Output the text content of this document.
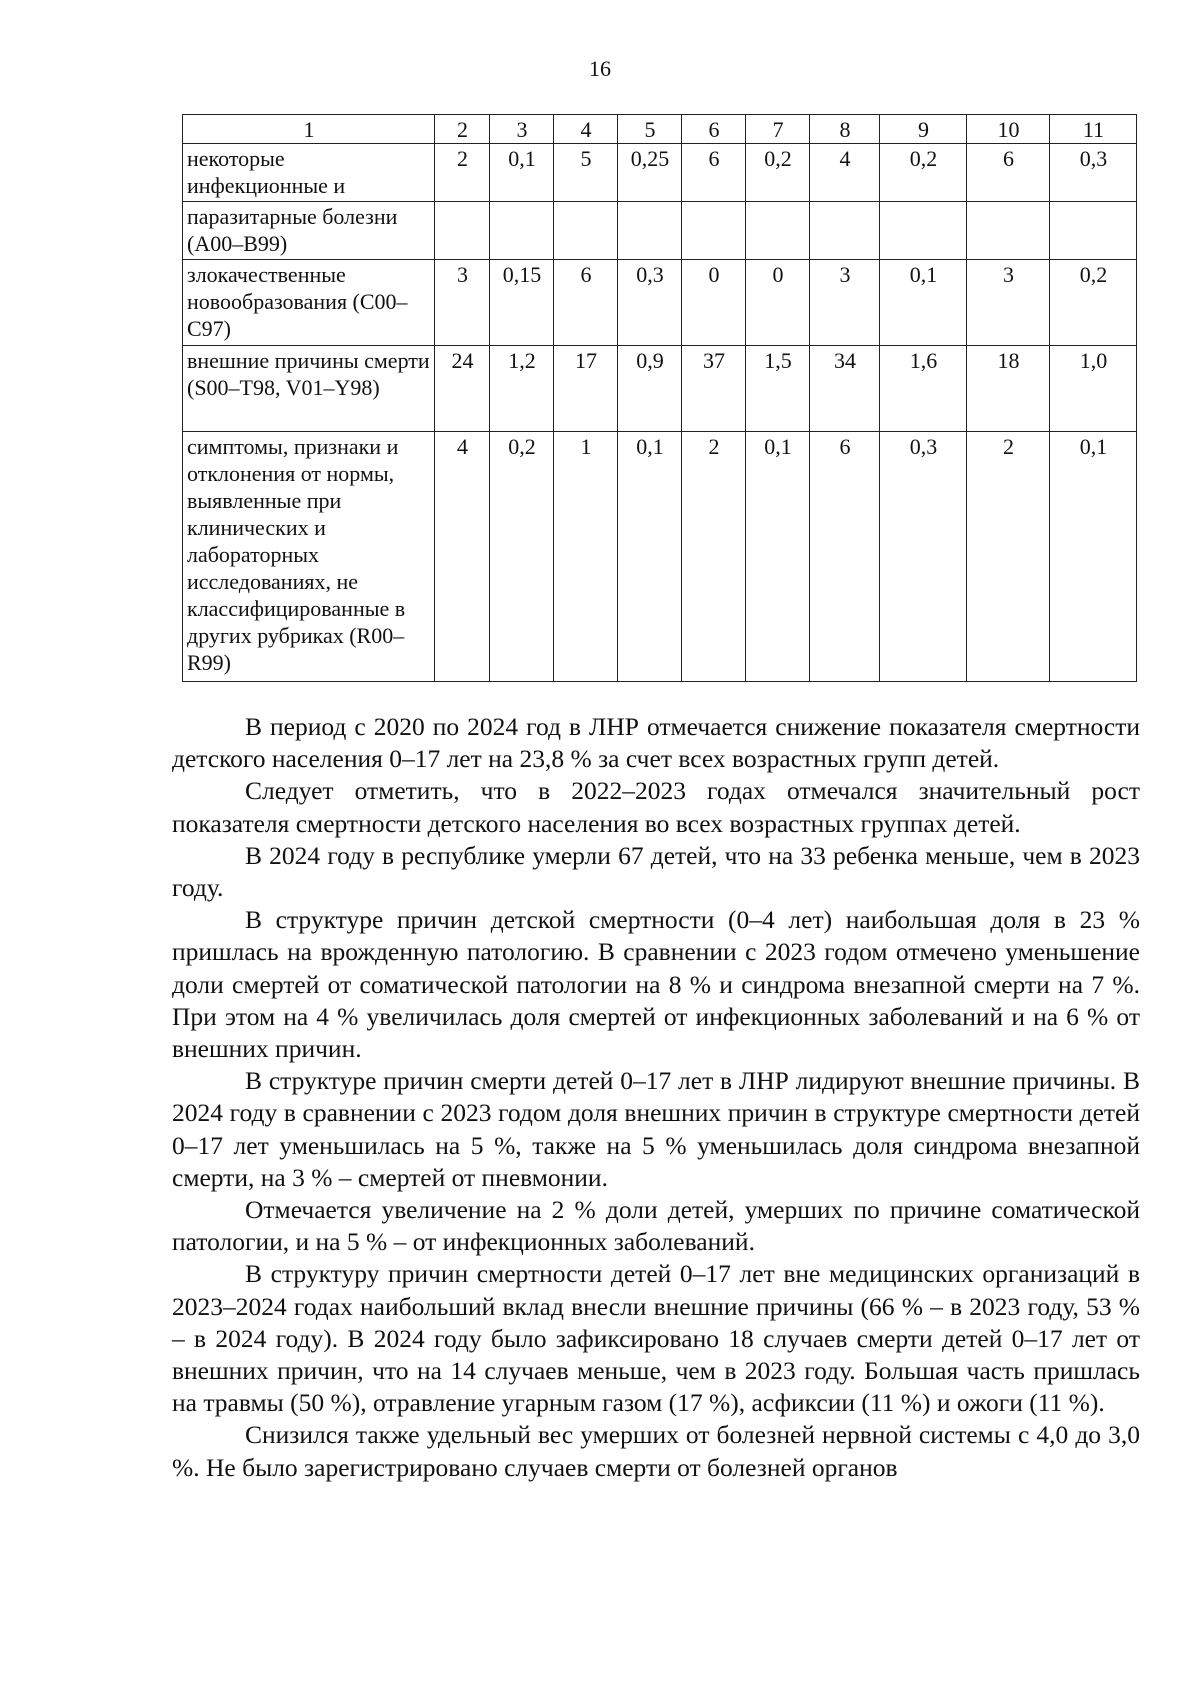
16
1	2	3	4	5	6	7	8	9	10	11
некоторые инфекционные и	2	0,1	5	0,25	6	0,2	4	0,2	6	0,3
паразитарные болезни (A00–B99)										
злокачественные новообразования (C00–C97)	3	0,15	6	0,3	0	0	3	0,1	3	0,2
внешние причины смерти (S00–T98, V01–Y98)	24	1,2	17	0,9	37	1,5	34	1,6	18	1,0
симптомы, признаки и отклонения от нормы, выявленные при клинических и лабораторных исследованиях, не классифицированные в других рубриках (R00–R99)	4	0,2	1	0,1	2	0,1	6	0,3	2	0,1

В период с 2020 по 2024 год в ЛНР отмечается снижение показателя смертности детского населения 0–17 лет на 23,8 % за счет всех возрастных групп детей.

Следует отметить, что в 2022–2023 годах отмечался значительный рост показателя смертности детского населения во всех возрастных группах детей.

В 2024 году в республике умерли 67 детей, что на 33 ребенка меньше, чем в 2023 году.

В структуре причин детской смертности (0–4 лет) наибольшая доля в 23 % пришлась на врожденную патологию. В сравнении с 2023 годом отмечено уменьшение доли смертей от соматической патологии на 8 % и синдрома внезапной смерти на 7 %. При этом на 4 % увеличилась доля смертей от инфекционных заболеваний и на 6 % от внешних причин.

В структуре причин смерти детей 0–17 лет в ЛНР лидируют внешние причины. В 2024 году в сравнении с 2023 годом доля внешних причин в структуре смертности детей 0–17 лет уменьшилась на 5 %, также на 5 % уменьшилась доля синдрома внезапной смерти, на 3 % – смертей от пневмонии.

Отмечается увеличение на 2 % доли детей, умерших по причине соматической патологии, и на 5 % – от инфекционных заболеваний.

В структуру причин смертности детей 0–17 лет вне медицинских организаций в 2023–2024 годах наибольший вклад внесли внешние причины (66 % – в 2023 году, 53 % – в 2024 году). В 2024 году было зафиксировано 18 случаев смерти детей 0–17 лет от внешних причин, что на 14 случаев меньше, чем в 2023 году. Большая часть пришлась на травмы (50 %), отравление угарным газом (17 %), асфиксии (11 %) и ожоги (11 %).

Снизился также удельный вес умерших от болезней нервной системы с 4,0 до 3,0 %. Не было зарегистрировано случаев смерти от болезней органов
